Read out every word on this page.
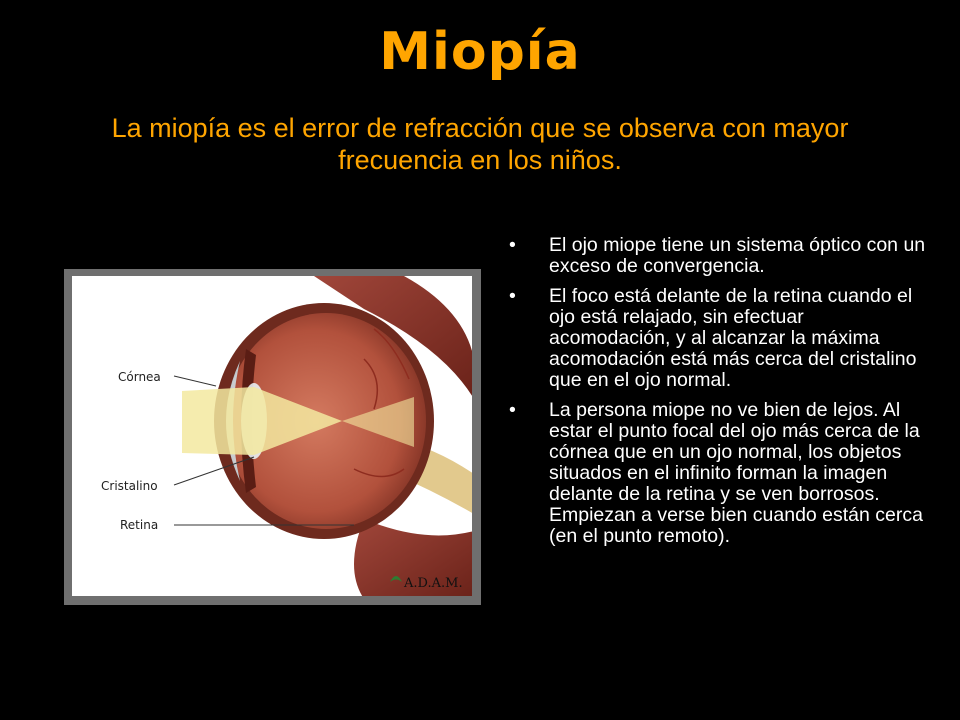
Miopía

La miopía es el error de refracción que se observa con mayor frecuencia en los niños.

Córnea
Cristalino
Retina
A.D.A.M.
• El ojo miope tiene un sistema óptico con un exceso de convergencia.
• El foco está delante de la retina cuando el ojo está relajado, sin efectuar acomodación, y al alcanzar la máxima acomodación está más cerca del cristalino que en el ojo normal.
• La persona miope no ve bien de lejos. Al estar el punto focal del ojo más cerca de la córnea que en un ojo normal, los objetos situados en el infinito forman la imagen delante de la retina y se ven borrosos. Empiezan a verse bien cuando están cerca (en el punto remoto).
